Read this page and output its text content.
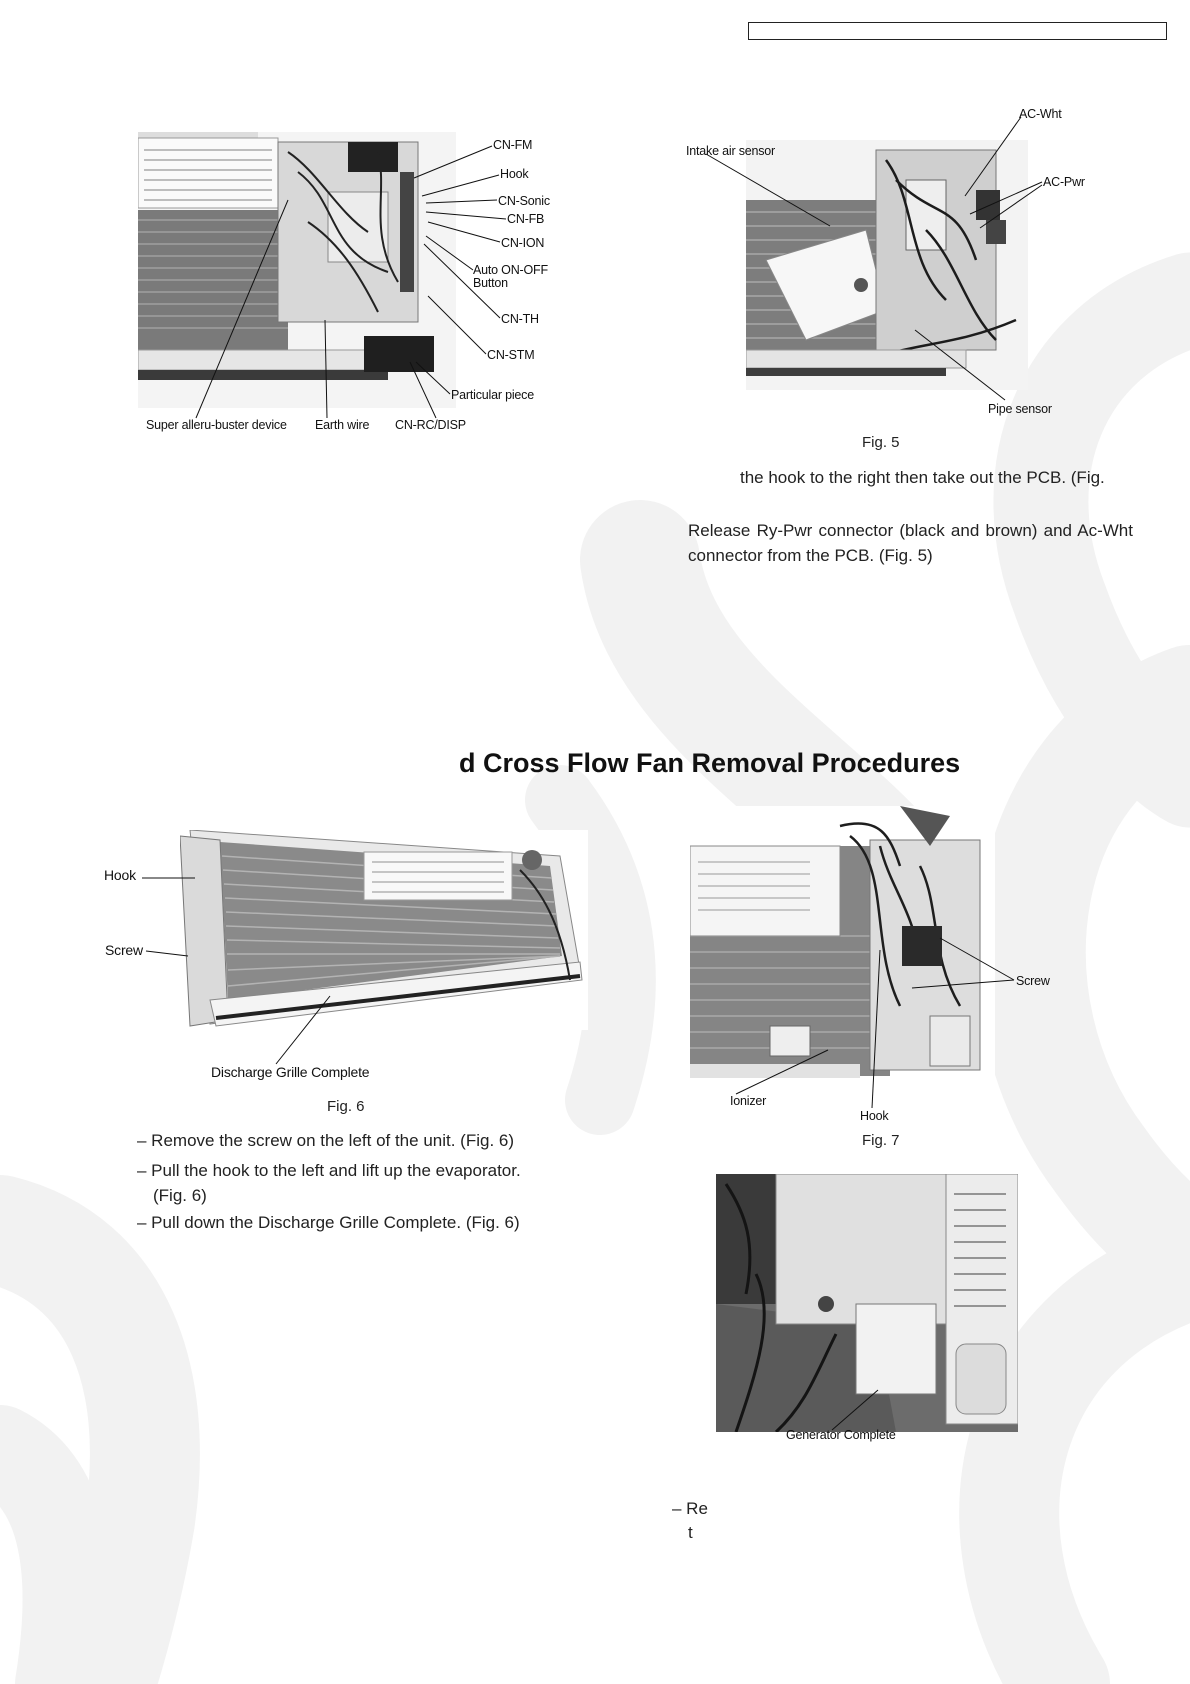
CN-FM
Hook
CN-Sonic
CN-FB
CN-ION
Auto ON-OFF Button
CN-TH
CN-STM
Particular piece
Super alleru-buster device Earth wire CN-RC/DISP
AC-Wht
Intake air sensor
AC-Pwr
Pipe sensor
Fig. 5
the hook to the right then take out the PCB. (Fig.
Release Ry-Pwr connector (black and brown) and Ac-Wht connector from the PCB. (Fig. 5)
d Cross Flow Fan Removal Procedures
Hook
Screw
Discharge Grille Complete
Fig. 6
– Remove the screw on the left of the unit. (Fig. 6)
– Pull the hook to the left and lift up the evaporator. (Fig. 6)
– Pull down the Discharge Grille Complete. (Fig. 6)
Screw
Ionizer
Hook
Fig. 7
Generator Complete
– Re
t
